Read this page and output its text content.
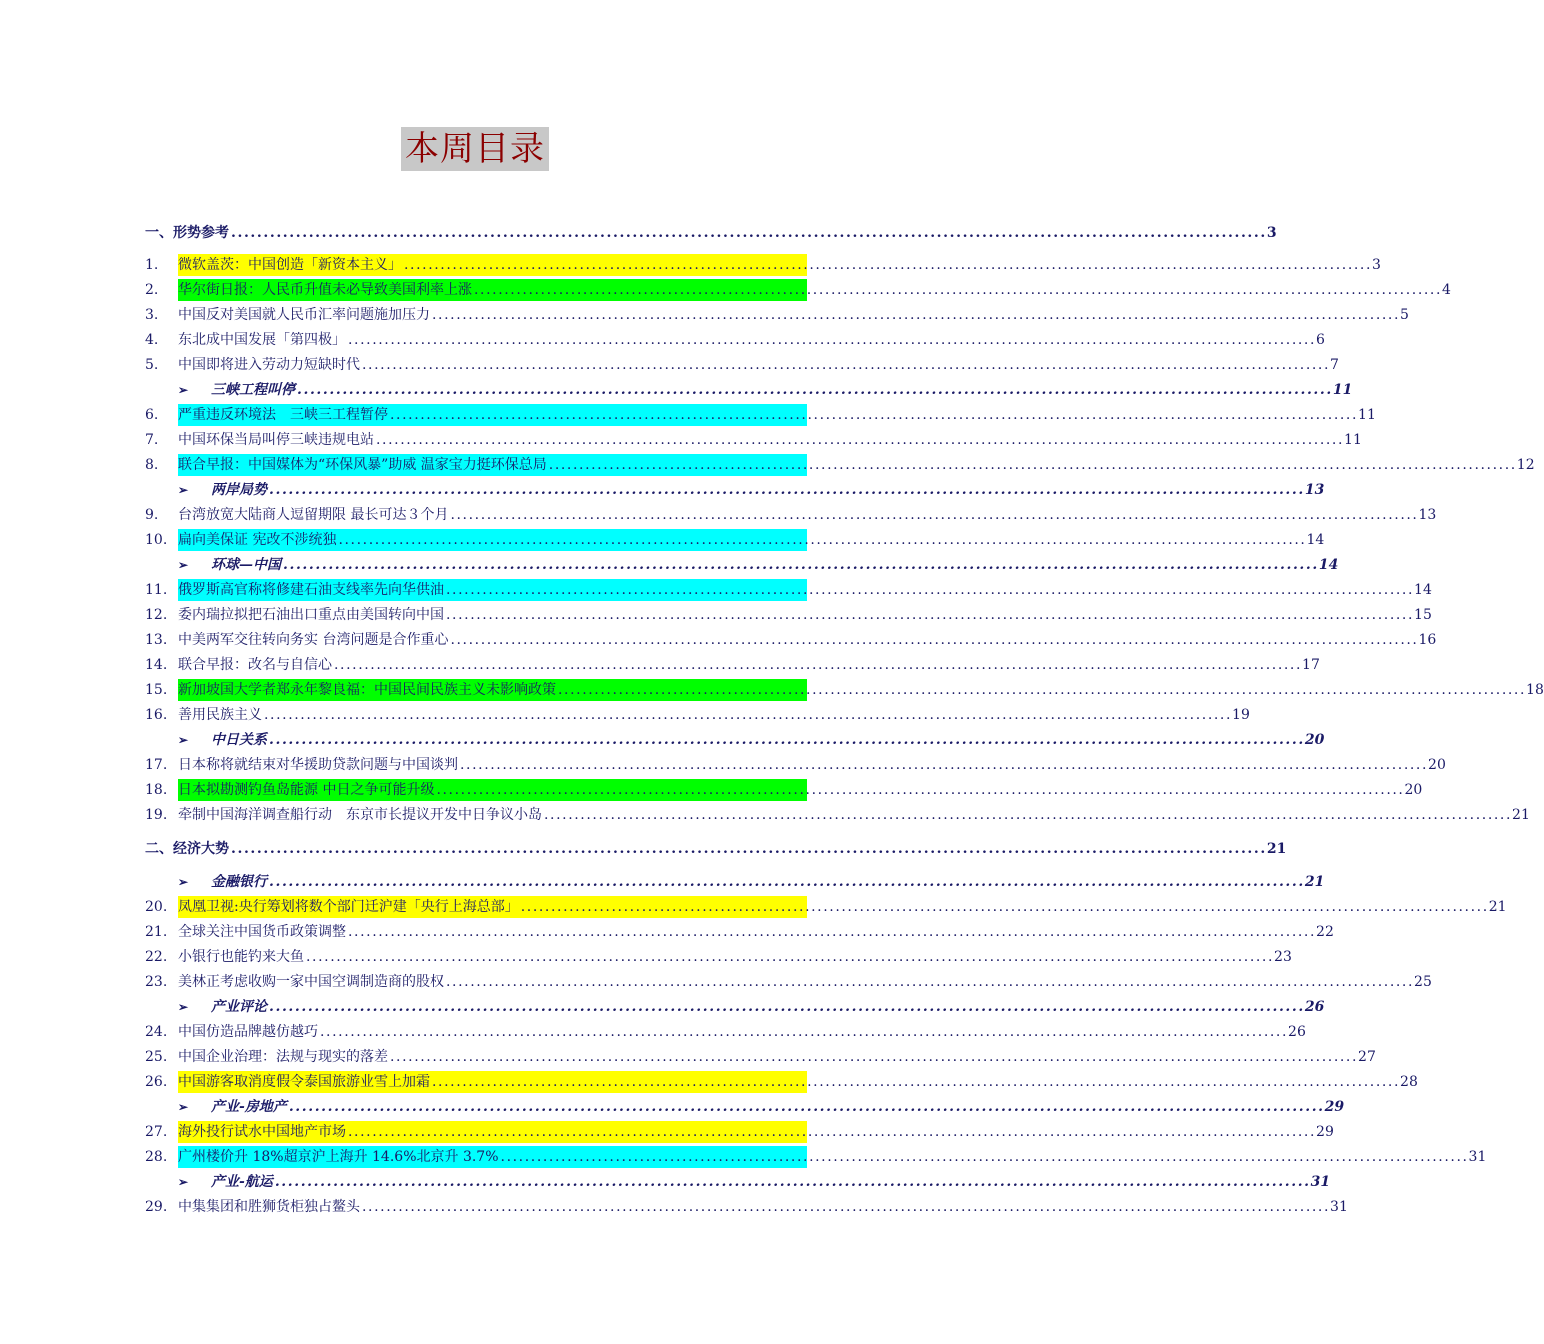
本周目录
一、形势参考 ................................................................................................................................................................ 3
1.	微软盖茨：中国创造「新资本主义」 ................................................................................................................................................................ 3
2.	华尔街日报：人民币升值未必导致美国利率上涨 ................................................................................................................................................................ 4
3.	中国反对美国就人民币汇率问题施加压力 ................................................................................................................................................................ 5
4.	东北成中国发展「第四极」 ................................................................................................................................................................ 6
5.	中国即将进入劳动力短缺时代 ................................................................................................................................................................ 7
➢ 三峡工程叫停 ................................................................................................................................................................ 11
6.	严重违反环境法　三峡三工程暂停 ................................................................................................................................................................ 11
7.	中国环保当局叫停三峡违规电站 ................................................................................................................................................................ 11
8.	联合早报：中国媒体为“环保风暴”助威 温家宝力挺环保总局 ................................................................................................................................................................ 12
➢ 两岸局势 ................................................................................................................................................................ 13
9.	台湾放宽大陆商人逗留期限 最长可达３个月 ................................................................................................................................................................ 13
10. 扁向美保证 宪改不涉统独 ................................................................................................................................................................ 14
➢ 环球—中国 ................................................................................................................................................................ 14
11. 俄罗斯高官称将修建石油支线率先向华供油 ................................................................................................................................................................ 14
12. 委内瑞拉拟把石油出口重点由美国转向中国 ................................................................................................................................................................ 15
13. 中美两军交往转向务实 台湾问题是合作重心 ................................................................................................................................................................ 16
14. 联合早报：改名与自信心 ................................................................................................................................................................ 17
15. 新加坡国大学者郑永年黎良福：中国民间民族主义未影响政策 ................................................................................................................................................................ 18
16. 善用民族主义 ................................................................................................................................................................ 19
➢ 中日关系 ................................................................................................................................................................ 20
17. 日本称将就结束对华援助贷款问题与中国谈判 ................................................................................................................................................................ 20
18. 日本拟勘测钓鱼岛能源 中日之争可能升级 ................................................................................................................................................................ 20
19. 牵制中国海洋调查船行动　东京市长提议开发中日争议小岛 ................................................................................................................................................................ 21
二、经济大势 ................................................................................................................................................................ 21
➢ 金融银行 ................................................................................................................................................................ 21
20. 凤凰卫视:央行筹划将数个部门迁沪建「央行上海总部」 ................................................................................................................................................................ 21
21. 全球关注中国货币政策调整 ................................................................................................................................................................ 22
22. 小银行也能钓来大鱼 ................................................................................................................................................................ 23
23. 美林正考虑收购一家中国空调制造商的股权 ................................................................................................................................................................ 25
➢ 产业评论 ................................................................................................................................................................ 26
24. 中国仿造品牌越仿越巧 ................................................................................................................................................................ 26
25. 中国企业治理：法规与现实的落差 ................................................................................................................................................................ 27
26. 中国游客取消度假令泰国旅游业雪上加霜 ................................................................................................................................................................ 28
➢ 产业-房地产 ................................................................................................................................................................ 29
27. 海外投行试水中国地产市场 ................................................................................................................................................................ 29
28. 广州楼价升 18%超京沪上海升 14.6%北京升 3.7% ................................................................................................................................................................ 31
➢ 产业-航运 ................................................................................................................................................................ 31
29. 中集集团和胜狮货柜独占鳌头 ................................................................................................................................................................ 31
